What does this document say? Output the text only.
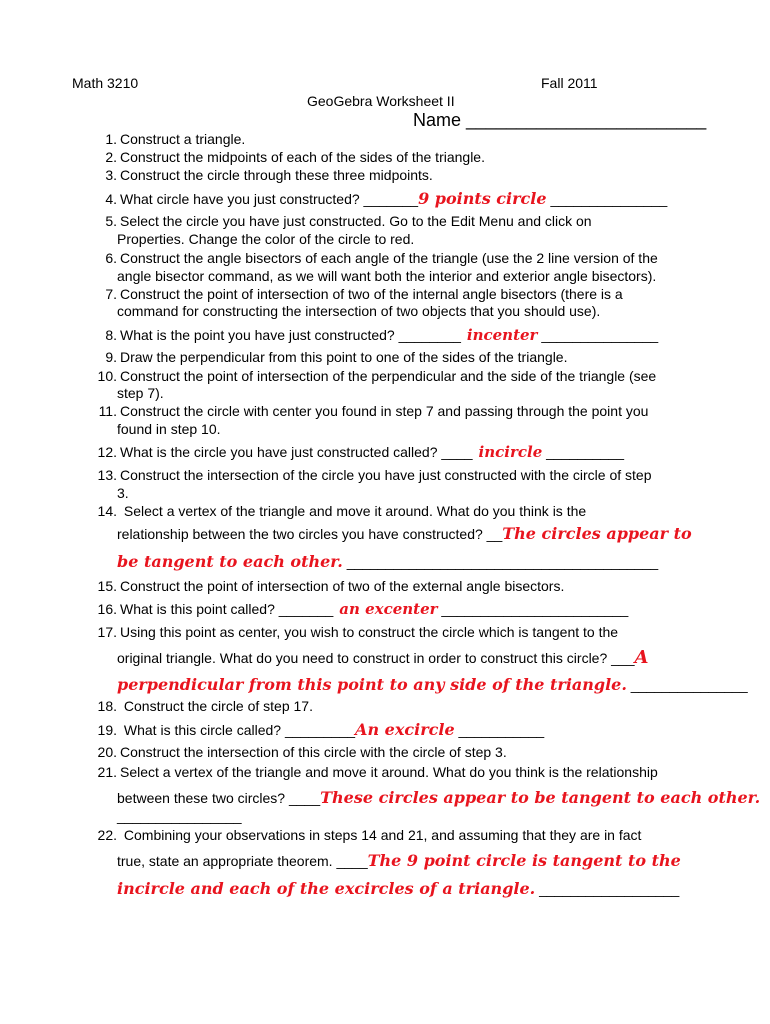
Math 3210	Fall 2011
GeoGebra Worksheet II
Name ________________________
1. Construct a triangle.
2. Construct the midpoints of each of the sides of the triangle.
3. Construct the circle through these three midpoints.
4. What circle have you just constructed? _______9 points circle _______________
5. Select the circle you have just constructed. Go to the Edit Menu and click on
Properties. Change the color of the circle to red.
6. Construct the angle bisectors of each angle of the triangle (use the 2 line version of the
angle bisector command, as we will want both the interior and exterior angle bisectors).
7. Construct the point of intersection of two of the internal angle bisectors (there is a
command for constructing the intersection of two objects that you should use).
8. What is the point you have just constructed? ________ incenter _______________
9. Draw the perpendicular from this point to one of the sides of the triangle.
10. Construct the point of intersection of the perpendicular and the side of the triangle (see
step 7).
11. Construct the circle with center you found in step 7 and passing through the point you
found in step 10.
12. What is the circle you have just constructed called? ____ incircle __________
13. Construct the intersection of the circle you have just constructed with the circle of step
3.
14. Select a vertex of the triangle and move it around. What do you think is the
relationship between the two circles you have constructed? __The circles appear to
be tangent to each other. ________________________________________
15. Construct the point of intersection of two of the external angle bisectors.
16. What is this point called? _______ an excenter ________________________
17. Using this point as center, you wish to construct the circle which is tangent to the
original triangle. What do you need to construct in order to construct this circle? ___A
perpendicular from this point to any side of the triangle. _______________
18. Construct the circle of step 17.
19. What is this circle called? _________An excircle ___________
20. Construct the intersection of this circle with the circle of step 3.
21. Select a vertex of the triangle and move it around. What do you think is the relationship
between these two circles? ____These circles appear to be tangent to each other.
________________
22. Combining your observations in steps 14 and 21, and assuming that they are in fact
true, state an appropriate theorem. ____The 9 point circle is tangent to the
incircle and each of the excircles of a triangle. __________________
